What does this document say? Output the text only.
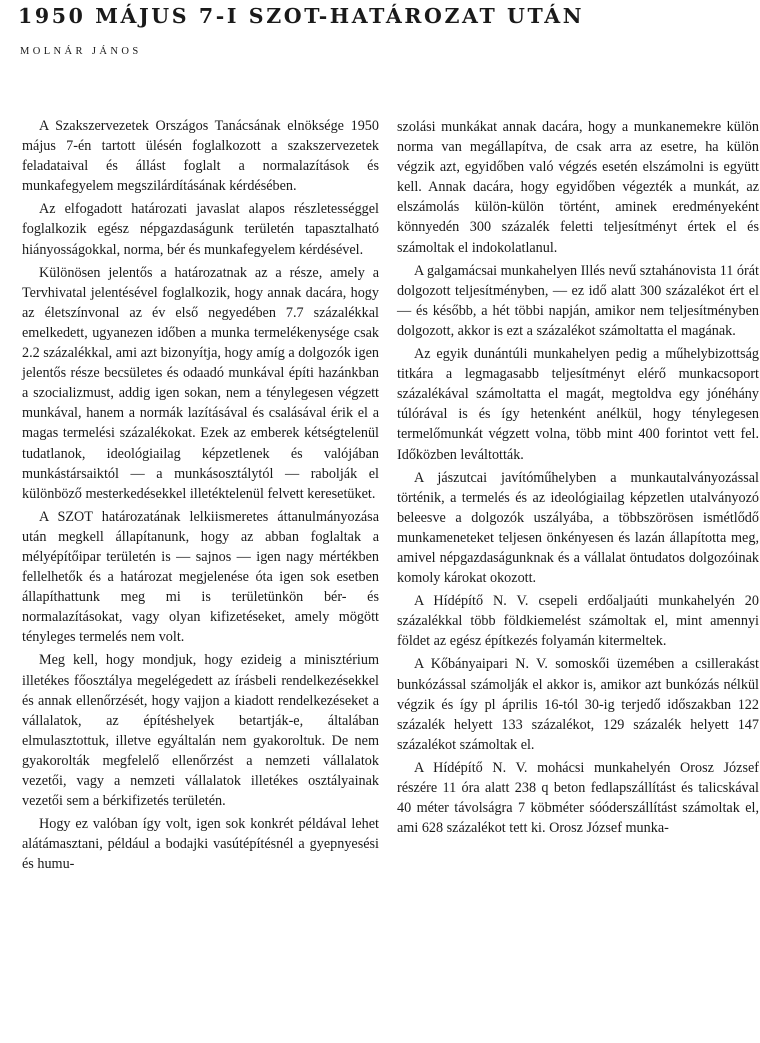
1950 MÁJUS 7-I SZOT-HATÁROZAT UTÁN
MOLNÁR JÁNOS

A Szakszervezetek Országos Tanácsának elnöksége 1950 május 7-én tartott ülésén foglalkozott a szakszervezetek feladataival és állást foglalt a normalazítások és munkafegyelem megszilárdításának kérdésében.

Az elfogadott határozati javaslat alapos részletességgel foglalkozik egész népgazdaságunk területén tapasztalható hiányosságokkal, norma, bér és munkafegyelem kérdésével.

Különösen jelentős a határozatnak az a része, amely a Tervhivatal jelentésével foglalkozik, hogy annak dacára, hogy az életszínvonal az év első negyedében 7.7 százalékkal emelkedett, ugyanezen időben a munka termelékenysége csak 2.2 százalékkal, ami azt bizonyítja, hogy amíg a dolgozók igen jelentős része becsületes és odaadó munkával építi hazánkban a szocializmust, addig igen sokan, nem a ténylegesen végzett munkával, hanem a normák lazításával és csalásával érik el a magas termelési százalékokat. Ezek az emberek kétségtelenül tudatlanok, ideológiailag képzetlenek és valójában munkástársaiktól — a munkásosztálytól — rabolják el különböző mesterkedésekkel illetéktelenül felvett keresetüket.

A SZOT határozatának lelkiismeretes áttanulmányozása után megkell állapítanunk, hogy az abban foglaltak a mélyépítőipar területén is — sajnos — igen nagy mértékben fellelhetők és a határozat megjelenése óta igen sok esetben állapíthattunk meg mi is területünkön bér- és normalazításokat, vagy olyan kifizetéseket, amely mögött tényleges termelés nem volt.

Meg kell, hogy mondjuk, hogy ezideig a minisztérium illetékes főosztálya megelégedett az írásbeli rendelkezésekkel és annak ellenőrzését, hogy vajjon a kiadott rendelkezéseket a vállalatok, az építéshelyek betartják-e, általában elmulasztottuk, illetve egyáltalán nem gyakoroltuk. De nem gyakorolták megfelelő ellenőrzést a nemzeti vállalatok vezetői, vagy a nemzeti vállalatok illetékes osztályainak vezetői sem a bérkifizetés területén.

Hogy ez valóban így volt, igen sok konkrét példával lehet alátámasztani, például a bodajki vasútépítésnél a gyepnyesési és humu-

szolási munkákat annak dacára, hogy a munkanemekre külön norma van megállapítva, de csak arra az esetre, ha külön végzik azt, egyidőben való végzés esetén elszámolni is együtt kell. Annak dacára, hogy egyidőben végezték a munkát, az elszámolás külön-külön történt, aminek eredményeként könnyedén 300 százalék feletti teljesítményt értek el és számoltak el indokolatlanul.

A galgamácsai munkahelyen Illés nevű sztahánovista 11 órát dolgozott teljesítményben, — ez idő alatt 300 százalékot ért el — és később, a hét többi napján, amikor nem teljesítményben dolgozott, akkor is ezt a százalékot számoltatta el magának.

Az egyik dunántúli munkahelyen pedig a műhelybizottság titkára a legmagasabb teljesítményt elérő munkacsoport százalékával számoltatta el magát, megtoldva egy jónéhány túlórával is és így hetenként anélkül, hogy ténylegesen termelőmunkát végzett volna, több mint 400 forintot vett fel. Időközben leváltották.

A jászutcai javítóműhelyben a munkautalványozással történik, a termelés és az ideológiailag képzetlen utalványozó beleesve a dolgozók uszályába, a többszörösen ismétlődő munkameneteket teljesen önkényesen és lazán állapította meg, amivel népgazdaságunknak és a vállalat öntudatos dolgozóinak komoly károkat okozott.

A Hídépítő N. V. csepeli erdőaljaúti munkahelyén 20 százalékkal több földkiemelést számoltak el, mint amennyi földet az egész építkezés folyamán kitermeltek.

A Kőbányaipari N. V. somoskői üzemében a csillerakást bunkózással számolják el akkor is, amikor azt bunkózás nélkül végzik és így pl április 16-tól 30-ig terjedő időszakban 122 százalék helyett 133 százalékot, 129 százalék helyett 147 százalékot számoltak el.

A Hídépítő N. V. mohácsi munkahelyén Orosz József részére 11 óra alatt 238 q beton fedlapszállítást és talicskával 40 méter távolságra 7 köbméter sóóderszállítást számoltak el, ami 628 százalékot tett ki. Orosz József munka-
